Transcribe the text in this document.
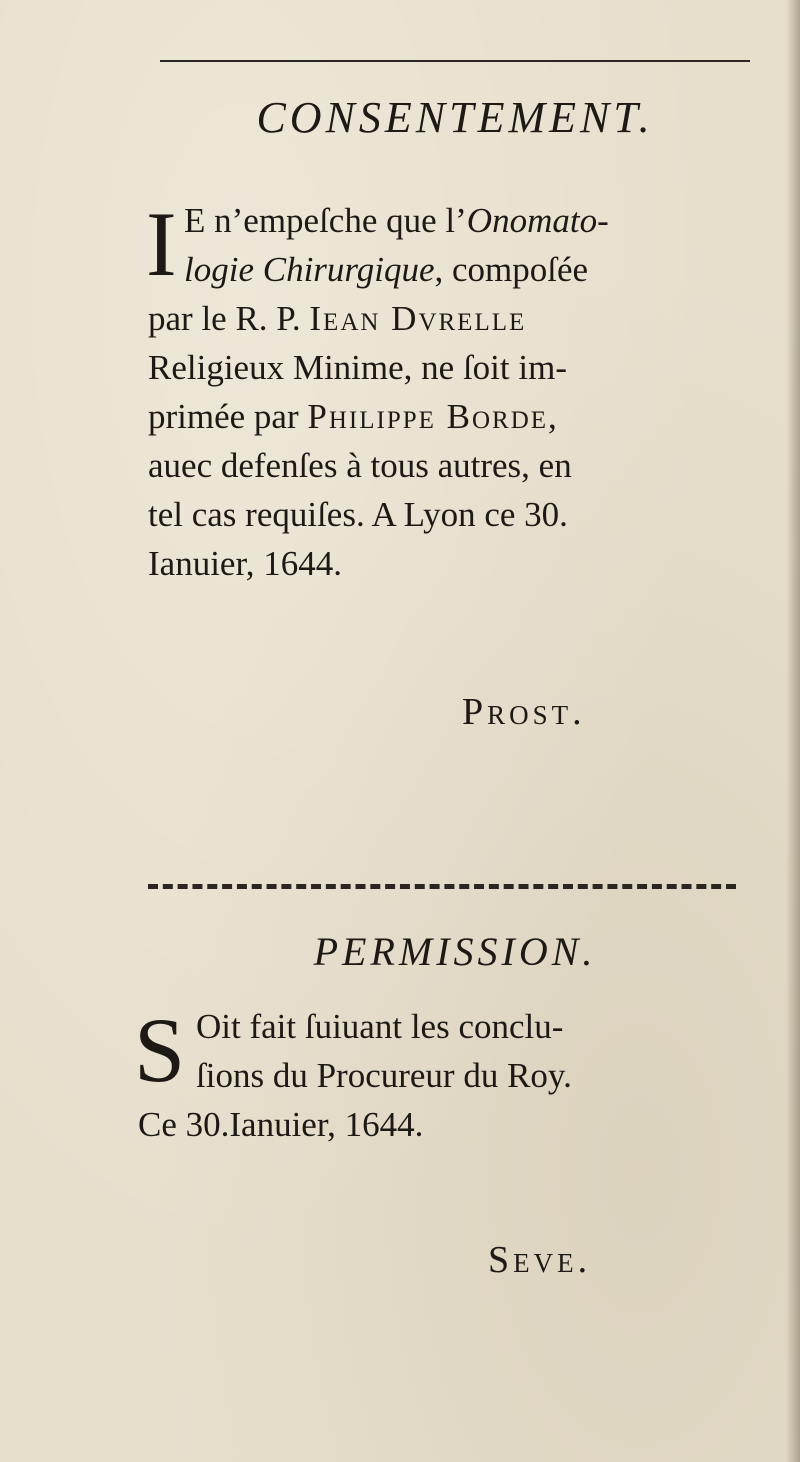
CONSENTEMENT.
I E n’empeſche que l’Onomato-
logie Chirurgique, compoſée
par le R. P. Iean Dvrelle
Religieux Minime, ne ſoit im-
primée par Philippe Borde,
auec defenſes à tous autres, en
tel cas requiſes. A Lyon ce 30.
Ianuier, 1644.
Prost.
PERMISSION.
S Oit fait ſuiuant les conclu-
ſions du Procureur du Roy.
Ce 30.Ianuier, 1644.
Seve.
